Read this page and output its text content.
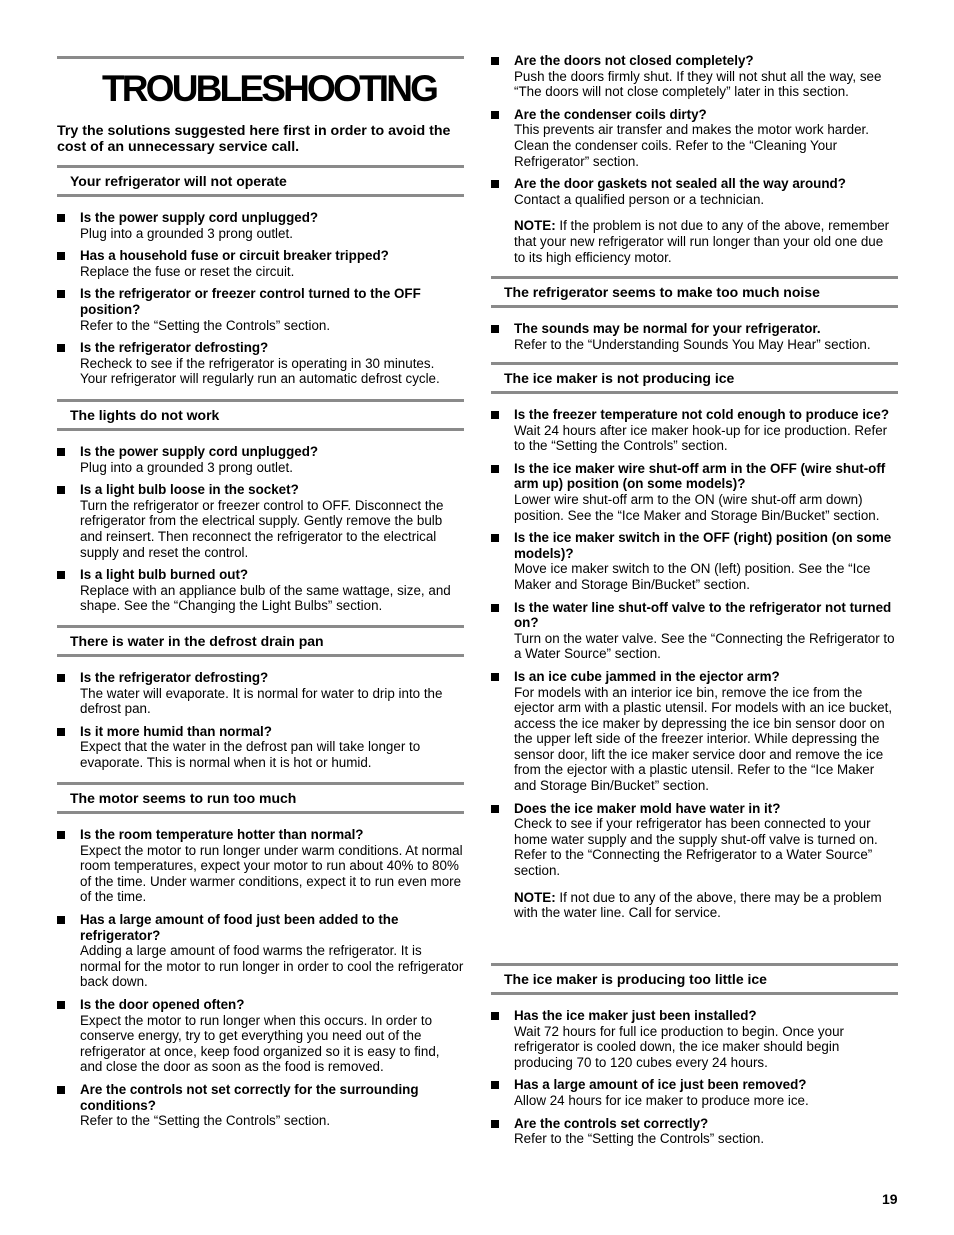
TROUBLESHOOTING
Try the solutions suggested here first in order to avoid the cost of an unnecessary service call.
Your refrigerator will not operate
Is the power supply cord unplugged?
Plug into a grounded 3 prong outlet.
Has a household fuse or circuit breaker tripped?
Replace the fuse or reset the circuit.
Is the refrigerator or freezer control turned to the OFF position?
Refer to the “Setting the Controls” section.
Is the refrigerator defrosting?
Recheck to see if the refrigerator is operating in 30 minutes. Your refrigerator will regularly run an automatic defrost cycle.
The lights do not work
Is the power supply cord unplugged?
Plug into a grounded 3 prong outlet.
Is a light bulb loose in the socket?
Turn the refrigerator or freezer control to OFF. Disconnect the refrigerator from the electrical supply. Gently remove the bulb and reinsert. Then reconnect the refrigerator to the electrical supply and reset the control.
Is a light bulb burned out?
Replace with an appliance bulb of the same wattage, size, and shape. See the “Changing the Light Bulbs” section.
There is water in the defrost drain pan
Is the refrigerator defrosting?
The water will evaporate. It is normal for water to drip into the defrost pan.
Is it more humid than normal?
Expect that the water in the defrost pan will take longer to evaporate. This is normal when it is hot or humid.
The motor seems to run too much
Is the room temperature hotter than normal?
Expect the motor to run longer under warm conditions. At normal room temperatures, expect your motor to run about 40% to 80% of the time. Under warmer conditions, expect it to run even more of the time.
Has a large amount of food just been added to the refrigerator?
Adding a large amount of food warms the refrigerator. It is normal for the motor to run longer in order to cool the refrigerator back down.
Is the door opened often?
Expect the motor to run longer when this occurs. In order to conserve energy, try to get everything you need out of the refrigerator at once, keep food organized so it is easy to find, and close the door as soon as the food is removed.
Are the controls not set correctly for the surrounding conditions?
Refer to the “Setting the Controls” section.
Are the doors not closed completely?
Push the doors firmly shut. If they will not shut all the way, see “The doors will not close completely” later in this section.
Are the condenser coils dirty?
This prevents air transfer and makes the motor work harder. Clean the condenser coils. Refer to the “Cleaning Your Refrigerator” section.
Are the door gaskets not sealed all the way around?
Contact a qualified person or a technician.
NOTE: If the problem is not due to any of the above, remember that your new refrigerator will run longer than your old one due to its high efficiency motor.
The refrigerator seems to make too much noise
The sounds may be normal for your refrigerator.
Refer to the “Understanding Sounds You May Hear” section.
The ice maker is not producing ice
Is the freezer temperature not cold enough to produce ice?
Wait 24 hours after ice maker hook-up for ice production. Refer to the “Setting the Controls” section.
Is the ice maker wire shut-off arm in the OFF (wire shut-off arm up) position (on some models)?
Lower wire shut-off arm to the ON (wire shut-off arm down) position. See the “Ice Maker and Storage Bin/Bucket” section.
Is the ice maker switch in the OFF (right) position (on some models)?
Move ice maker switch to the ON (left) position. See the “Ice Maker and Storage Bin/Bucket” section.
Is the water line shut-off valve to the refrigerator not turned on?
Turn on the water valve. See the “Connecting the Refrigerator to a Water Source” section.
Is an ice cube jammed in the ejector arm?
For models with an interior ice bin, remove the ice from the ejector arm with a plastic utensil. For models with an ice bucket, access the ice maker by depressing the ice bin sensor door on the upper left side of the freezer interior. While depressing the sensor door, lift the ice maker service door and remove the ice from the ejector with a plastic utensil. Refer to the “Ice Maker and Storage Bin/Bucket” section.
Does the ice maker mold have water in it?
Check to see if your refrigerator has been connected to your home water supply and the supply shut-off valve is turned on. Refer to the “Connecting the Refrigerator to a Water Source” section.
NOTE: If not due to any of the above, there may be a problem with the water line. Call for service.
The ice maker is producing too little ice
Has the ice maker just been installed?
Wait 72 hours for full ice production to begin. Once your refrigerator is cooled down, the ice maker should begin producing 70 to 120 cubes every 24 hours.
Has a large amount of ice just been removed?
Allow 24 hours for ice maker to produce more ice.
Are the controls set correctly?
Refer to the “Setting the Controls” section.
19
